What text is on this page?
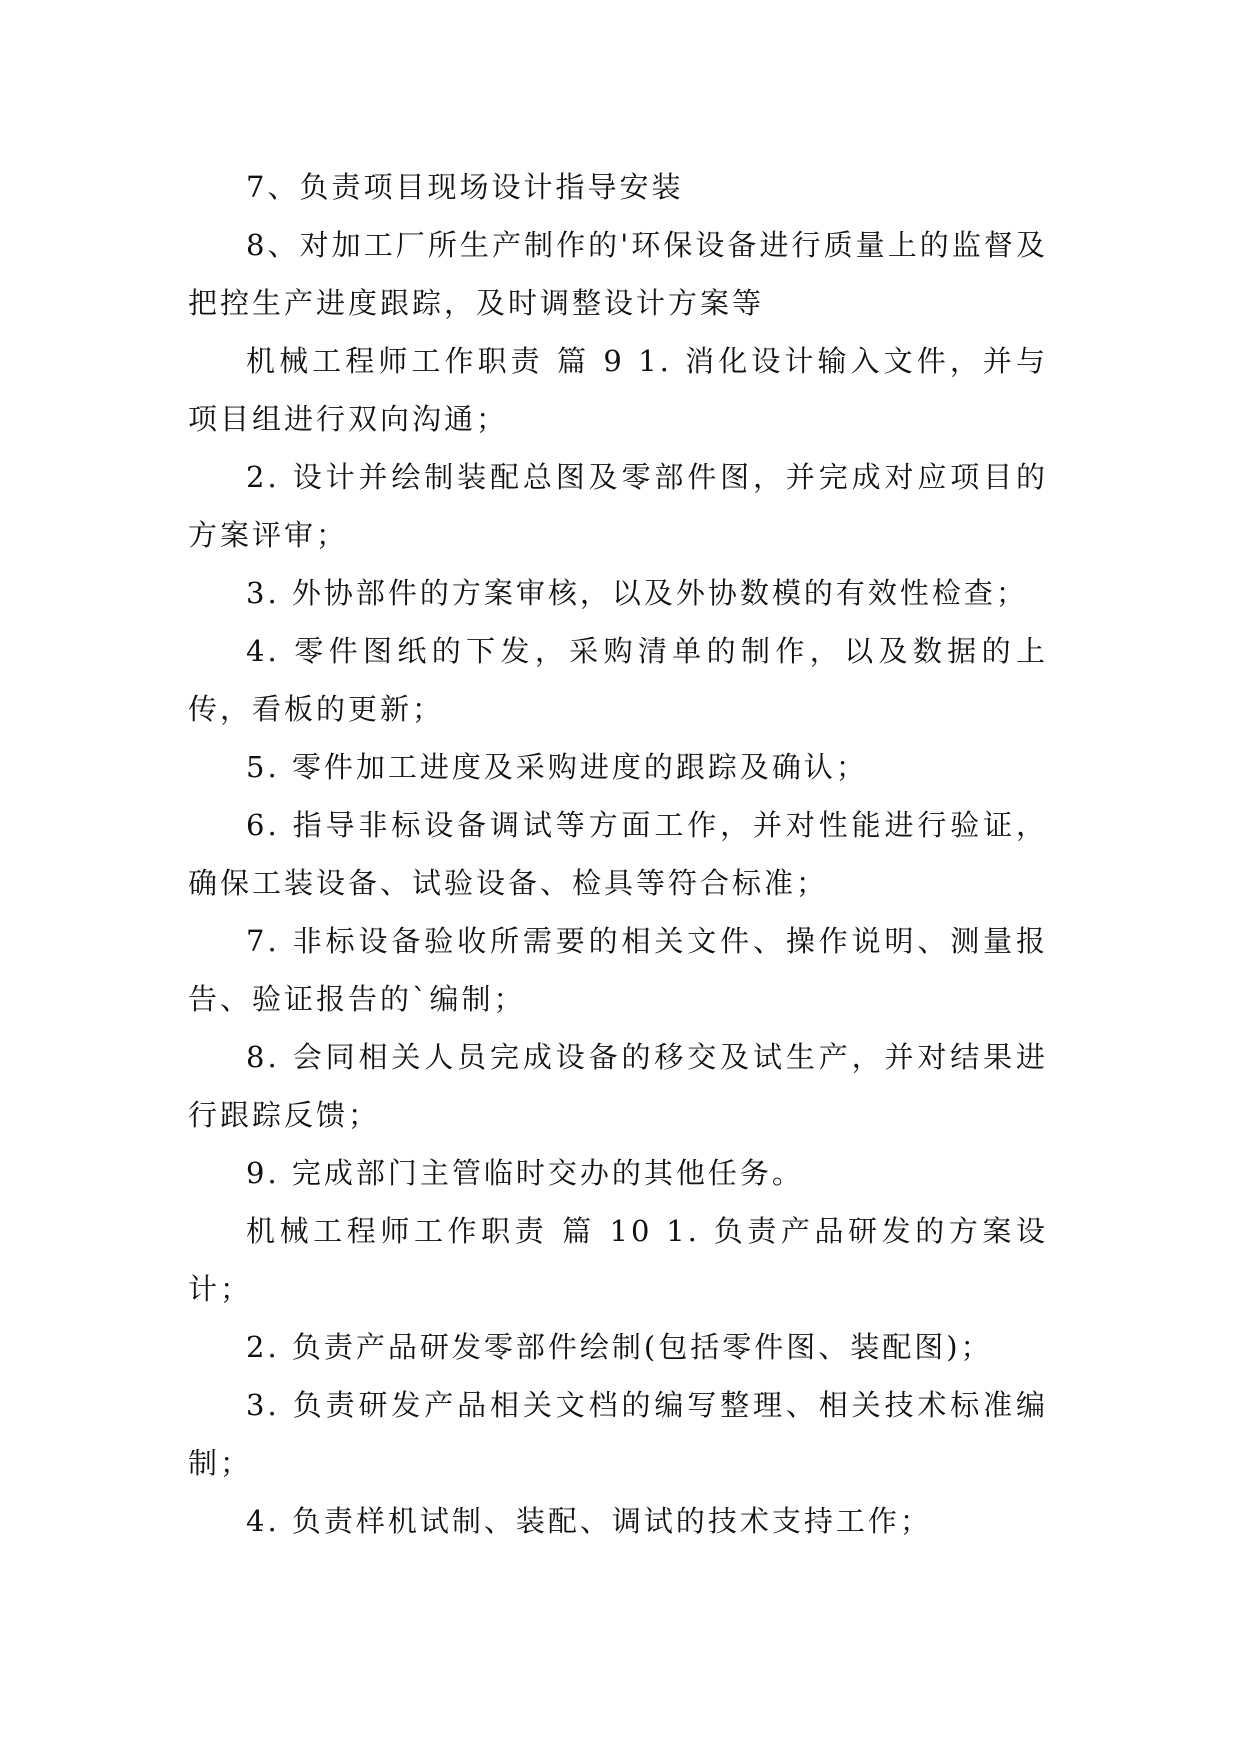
7、负责项目现场设计指导安装

8、对加工厂所生产制作的'环保设备进行质量上的监督及把控生产进度跟踪，及时调整设计方案等

机械工程师工作职责 篇 9 1. 消化设计输入文件，并与项目组进行双向沟通；

2. 设计并绘制装配总图及零部件图，并完成对应项目的方案评审；

3. 外协部件的方案审核，以及外协数模的有效性检查；

4. 零件图纸的下发，采购清单的制作，以及数据的上传，看板的更新；

5. 零件加工进度及采购进度的跟踪及确认；

6. 指导非标设备调试等方面工作，并对性能进行验证，确保工装设备、试验设备、检具等符合标准；

7. 非标设备验收所需要的相关文件、操作说明、测量报告、验证报告的`编制；

8. 会同相关人员完成设备的移交及试生产，并对结果进行跟踪反馈；

9. 完成部门主管临时交办的其他任务。

机械工程师工作职责 篇 10 1. 负责产品研发的方案设计；

2. 负责产品研发零部件绘制(包括零件图、装配图)；

3. 负责研发产品相关文档的编写整理、相关技术标准编制；

4. 负责样机试制、装配、调试的技术支持工作；
